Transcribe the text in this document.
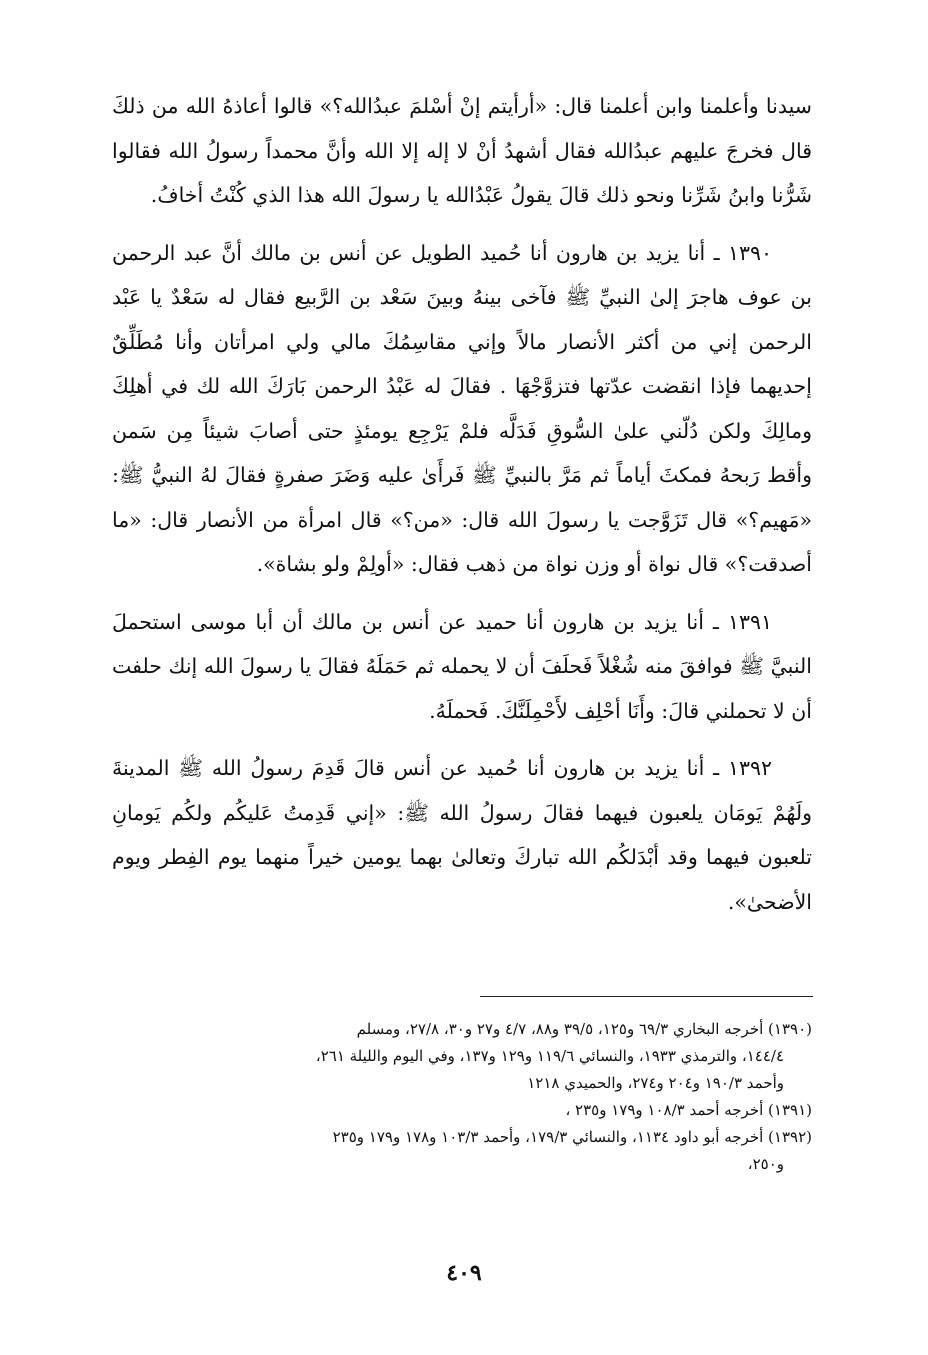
سيدنا وأعلمنا وابن أعلمنا قال: «أرأيتم إنْ أسْلمَ عبدُالله؟» قالوا أعاذهُ الله من ذلكَ قال فخرجَ عليهم عبدُالله فقال أشهدُ أنْ لا إله إلا الله وأنَّ محمداً رسولُ الله فقالوا شَرُّنا وابنُ شَرِّنا ونحو ذلك قالَ يقولُ عَبْدُالله يا رسولَ الله هذا الذي كُنْتُ أخافُ.

١٣٩٠ ـ أنا يزيد بن هارون أنا حُميد الطويل عن أنس بن مالك أنَّ عبد الرحمن بن عوف هاجرَ إلىٰ النبيِّ ﷺ فآخى بينهُ وبينَ سَعْد بن الرَّبيع فقال له سَعْدٌ يا عَبْد الرحمن إني من أكثر الأنصار مالاً وإني مقاسِمُكَ مالي ولي امرأتان وأنا مُطَلِّقٌ إحديهما فإذا انقضت عدّتها فتزوَّجْهَا . فقالَ له عَبْدُ الرحمن بَارَكَ الله لك في أهلِكَ ومالِكَ ولكن دُلّني علىٰ السُّوقِ فَدَلَّه فلمْ يَرْجِع يومئذٍ حتى أصابَ شيئاً مِن سَمن وأقط رَبحهُ فمكثَ أياماً ثم مَرَّ بالنبيِّ ﷺ فَرأَىٰ عليه وَضَرَ صفرةٍ فقالَ لهُ النبيُّ ﷺ: «مَهيم؟» قال تَزَوَّجت يا رسولَ الله قال: «من؟» قال امرأة من الأنصار قال: «ما أصدقت؟» قال نواة أو وزن نواة من ذهب فقال: «أولِمْ ولو بشاة».

١٣٩١ ـ أنا يزيد بن هارون أنا حميد عن أنس بن مالك أن أبا موسى استحملَ النبيَّ ﷺ فوافقَ منه شُغْلاً فَحلَفَ أن لا يحمله ثم حَمَلَهُ فقالَ يا رسولَ الله إنك حلفت أن لا تحملني قالَ: وأَنَا أحْلِف لأَحْمِلَنَّكَ. فَحملَهُ.

١٣٩٢ ـ أنا يزيد بن هارون أنا حُميد عن أنس قالَ قَدِمَ رسولُ الله ﷺ المدينةَ ولَهُمْ يَومَان يلعبون فيهما فقالَ رسولُ الله ﷺ: «إني قَدِمتُ عَليكُم ولكُم يَومانِ تلعبون فيهما وقد أبْدَلكُم الله تباركَ وتعالىٰ بهما يومين خيراً منهما يوم الفِطر ويوم الأضحىٰ».

(١٣٩٠) أخرجه البخاري ٦٩/٣ و١٢٥، ٣٩/٥ و٨٨، ٤/٧ و٢٧ و٣٠، ٢٧/٨، ومسلم
١٤٤/٤، والترمذي ١٩٣٣، والنسائي ١١٩/٦ و١٢٩ و١٣٧، وفي اليوم والليلة ٢٦١،
وأحمد ١٩٠/٣ و٢٠٤ و٢٧٤، والحميدي ١٢١٨

(١٣٩١) أخرجه أحمد ١٠٨/٣ و١٧٩ و٢٣٥ ،

(١٣٩٢) أخرجه أبو داود ١١٣٤، والنسائي ١٧٩/٣، وأحمد ١٠٣/٣ و١٧٨ و١٧٩ و٢٣٥
و٢٥٠،

٤٠٩
